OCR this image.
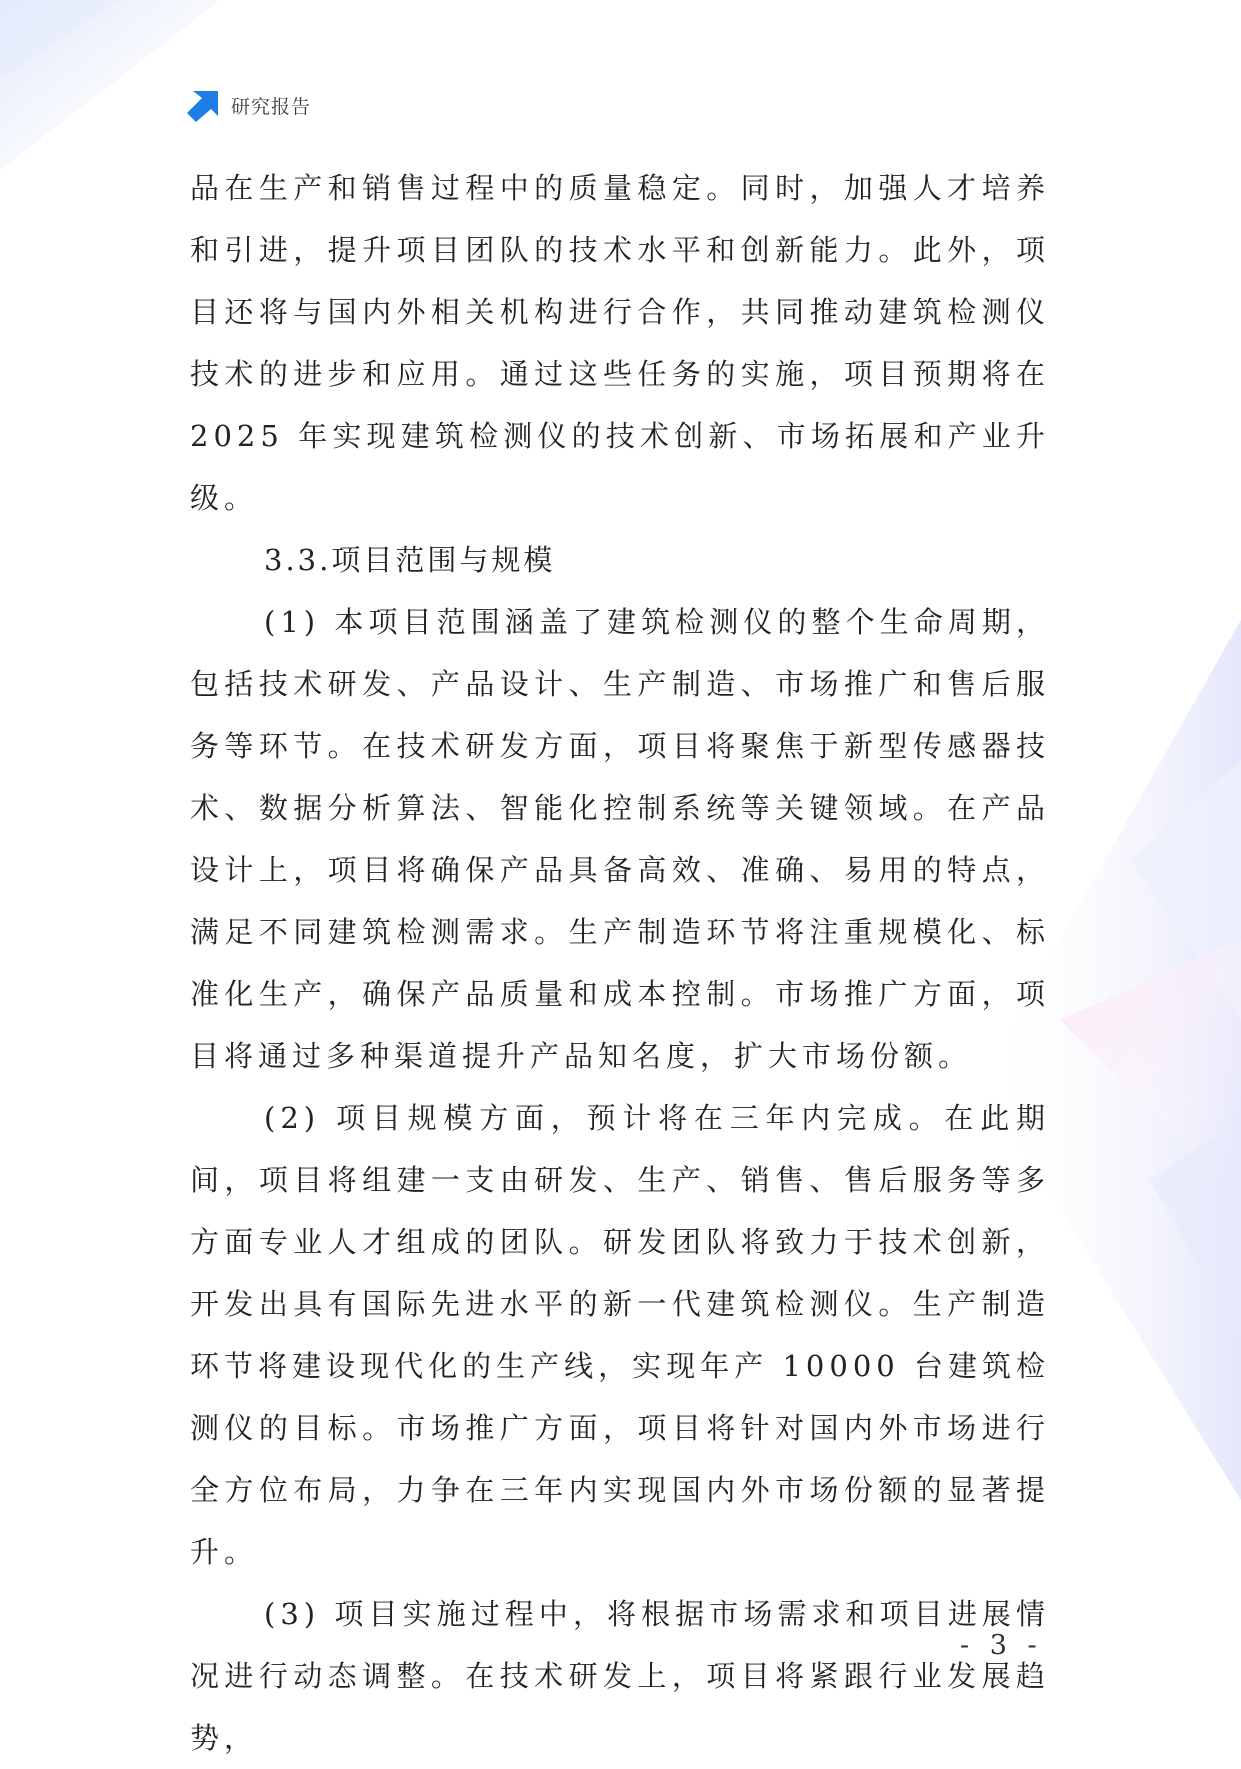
研究报告

品在生产和销售过程中的质量稳定。同时，加强人才培养和引进，提升项目团队的技术水平和创新能力。此外，项目还将与国内外相关机构进行合作，共同推动建筑检测仪技术的进步和应用。通过这些任务的实施，项目预期将在 2025 年实现建筑检测仪的技术创新、市场拓展和产业升级。

3.3.项目范围与规模

(1) 本项目范围涵盖了建筑检测仪的整个生命周期，包括技术研发、产品设计、生产制造、市场推广和售后服务等环节。在技术研发方面，项目将聚焦于新型传感器技术、数据分析算法、智能化控制系统等关键领域。在产品设计上，项目将确保产品具备高效、准确、易用的特点，满足不同建筑检测需求。生产制造环节将注重规模化、标准化生产，确保产品质量和成本控制。市场推广方面，项目将通过多种渠道提升产品知名度，扩大市场份额。

(2) 项目规模方面，预计将在三年内完成。在此期间，项目将组建一支由研发、生产、销售、售后服务等多方面专业人才组成的团队。研发团队将致力于技术创新，开发出具有国际先进水平的新一代建筑检测仪。生产制造环节将建设现代化的生产线，实现年产 10000 台建筑检测仪的目标。市场推广方面，项目将针对国内外市场进行全方位布局，力争在三年内实现国内外市场份额的显著提升。

(3) 项目实施过程中，将根据市场需求和项目进展情况进行动态调整。在技术研发上，项目将紧跟行业发展趋势，

- 3 -
